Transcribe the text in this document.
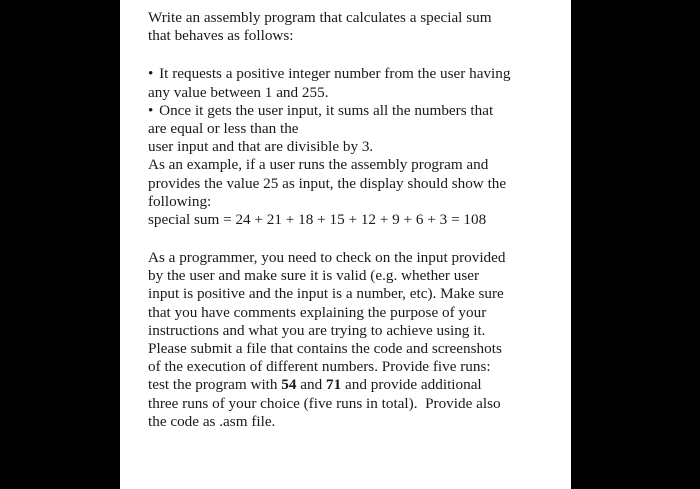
Write an assembly program that calculates a special sum
that behaves as follows:
• It requests a positive integer number from the user having
any value between 1 and 255.
• Once it gets the user input, it sums all the numbers that
are equal or less than the
user input and that are divisible by 3.
As an example, if a user runs the assembly program and
provides the value 25 as input, the display should show the
following:
special sum = 24 + 21 + 18 + 15 + 12 + 9 + 6 + 3 = 108
As a programmer, you need to check on the input provided
by the user and make sure it is valid (e.g. whether user
input is positive and the input is a number, etc). Make sure
that you have comments explaining the purpose of your
instructions and what you are trying to achieve using it.
Please submit a file that contains the code and screenshots
of the execution of different numbers. Provide five runs:
test the program with 54 and 71 and provide additional
three runs of your choice (five runs in total).  Provide also
the code as .asm file.
